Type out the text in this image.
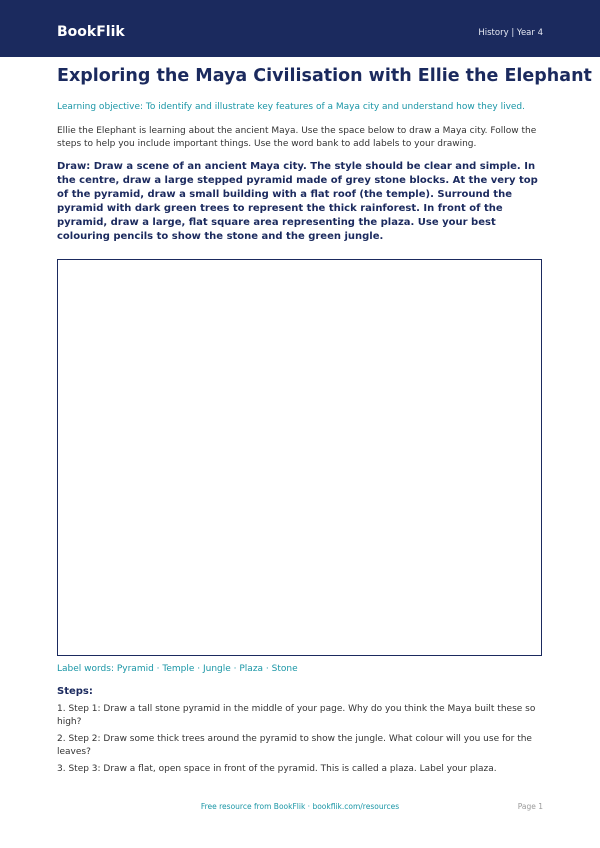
BookFlik	History | Year 4
Exploring the Maya Civilisation with Ellie the Elephant
Learning objective: To identify and illustrate key features of a Maya city and understand how they lived.
Ellie the Elephant is learning about the ancient Maya. Use the space below to draw a Maya city. Follow the steps to help you include important things. Use the word bank to add labels to your drawing.
Draw: Draw a scene of an ancient Maya city. The style should be clear and simple. In the centre, draw a large stepped pyramid made of grey stone blocks. At the very top of the pyramid, draw a small building with a flat roof (the temple). Surround the pyramid with dark green trees to represent the thick rainforest. In front of the pyramid, draw a large, flat square area representing the plaza. Use your best colouring pencils to show the stone and the green jungle.
Label words: Pyramid · Temple · Jungle · Plaza · Stone
Steps:
1. Step 1: Draw a tall stone pyramid in the middle of your page. Why do you think the Maya built these so high?
2. Step 2: Draw some thick trees around the pyramid to show the jungle. What colour will you use for the leaves?
3. Step 3: Draw a flat, open space in front of the pyramid. This is called a plaza. Label your plaza.
Free resource from BookFlik · bookflik.com/resources	Page 1
